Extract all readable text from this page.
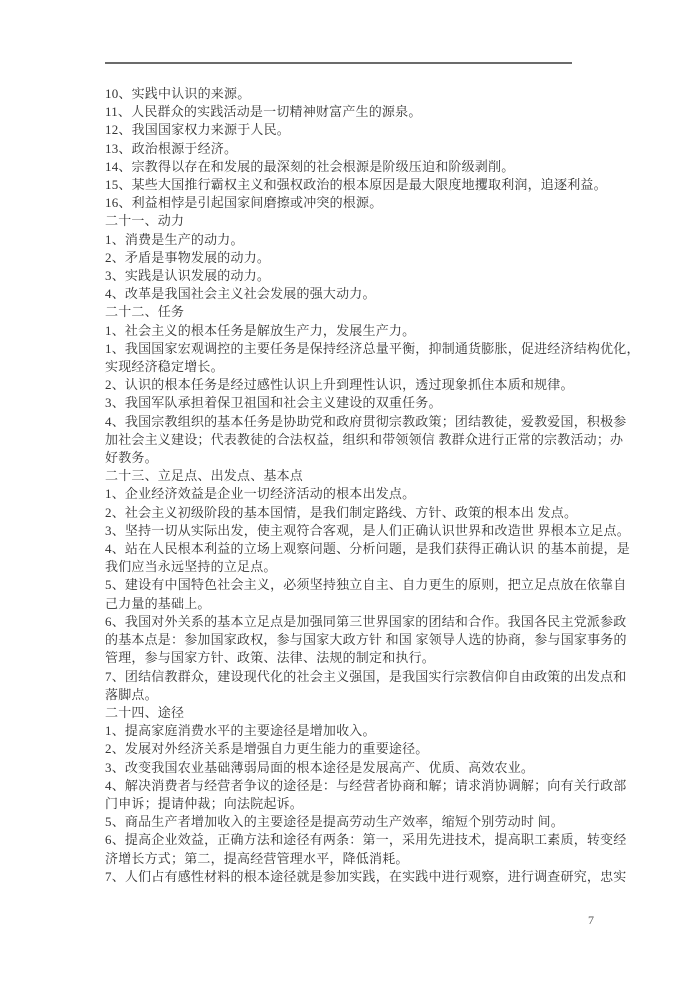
10、实践中认识的来源。
11、人民群众的实践活动是一切精神财富产生的源泉。
12、我国国家权力来源于人民。
13、政治根源于经济。
14、宗教得以存在和发展的最深刻的社会根源是阶级压迫和阶级剥削。
15、某些大国推行霸权主义和强权政治的根本原因是最大限度地攫取利润，追逐利益。
16、利益相悖是引起国家间磨擦或冲突的根源。
二十一、动力
1、消费是生产的动力。
2、矛盾是事物发展的动力。
3、实践是认识发展的动力。
4、改革是我国社会主义社会发展的强大动力。
二十二、任务
1、社会主义的根本任务是解放生产力，发展生产力。
1、我国国家宏观调控的主要任务是保持经济总量平衡，抑制通货膨胀，促进经济结构优化，
实现经济稳定增长。
2、认识的根本任务是经过感性认识上升到理性认识，透过现象抓住本质和规律。
3、我国军队承担着保卫祖国和社会主义建设的双重任务。
4、我国宗教组织的基本任务是协助党和政府贯彻宗教政策；团结教徒，爱教爱国，积极参
加社会主义建设；代表教徒的合法权益，组织和带领领信 教群众进行正常的宗教活动；办
好教务。
二十三、立足点、出发点、基本点
1、企业经济效益是企业一切经济活动的根本出发点。
2、社会主义初级阶段的基本国情，是我们制定路线、方针、政策的根本出 发点。
3、坚持一切从实际出发，使主观符合客观，是人们正确认识世界和改造世 界根本立足点。
4、站在人民根本利益的立场上观察问题、分析问题，是我们获得正确认识 的基本前提，是
我们应当永远坚持的立足点。
5、建设有中国特色社会主义，必须坚持独立自主、自力更生的原则，把立足点放在依靠自
己力量的基础上。
6、我国对外关系的基本立足点是加强同第三世界国家的团结和合作。我国各民主党派参政
的基本点是：参加国家政权，参与国家大政方针 和国 家领导人选的协商，参与国家事务的
管理，参与国家方针、政策、法律、法规的制定和执行。
7、团结信教群众，建设现代化的社会主义强国，是我国实行宗教信仰自由政策的出发点和
落脚点。
二十四、途径
1、提高家庭消费水平的主要途径是增加收入。
2、发展对外经济关系是增强自力更生能力的重要途径。
3、改变我国农业基础薄弱局面的根本途径是发展高产、优质、高效农业。
4、解决消费者与经营者争议的途径是：与经营者协商和解；请求消协调解；向有关行政部
门申诉；提请仲裁；向法院起诉。
5、商品生产者增加收入的主要途径是提高劳动生产效率，缩短个别劳动时 间。
6、提高企业效益，正确方法和途径有两条：第一，采用先进技术，提高职工素质，转变经
济增长方式；第二，提高经营管理水平，降低消耗。
7、人们占有感性材料的根本途径就是参加实践，在实践中进行观察，进行调查研究，忠实
7
